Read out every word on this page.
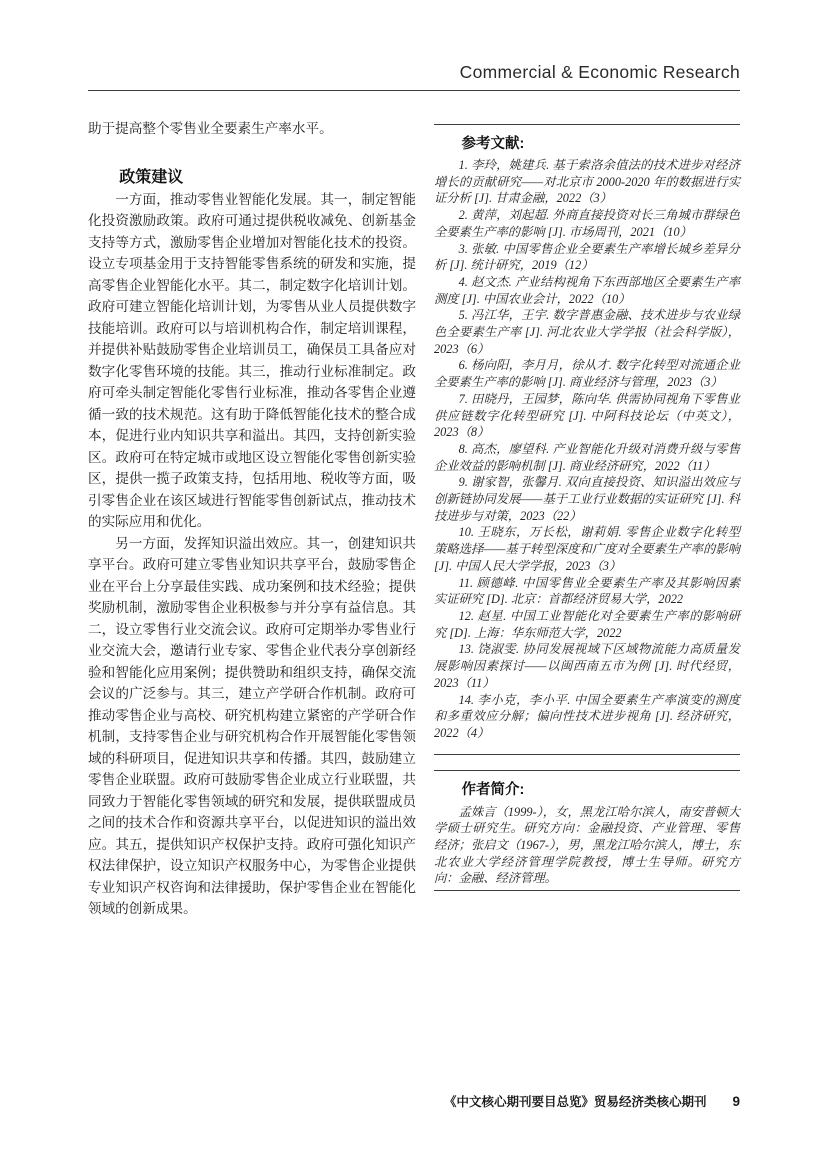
Commercial & Economic Research

助于提高整个零售业全要素生产率水平。

政策建议

一方面，推动零售业智能化发展。其一，制定智能化投资激励政策。政府可通过提供税收减免、创新基金支持等方式，激励零售企业增加对智能化技术的投资。设立专项基金用于支持智能零售系统的研发和实施，提高零售企业智能化水平。其二，制定数字化培训计划。政府可建立智能化培训计划，为零售从业人员提供数字技能培训。政府可以与培训机构合作，制定培训课程，并提供补贴鼓励零售企业培训员工，确保员工具备应对数字化零售环境的技能。其三，推动行业标准制定。政府可牵头制定智能化零售行业标准，推动各零售企业遵循一致的技术规范。这有助于降低智能化技术的整合成本，促进行业内知识共享和溢出。其四，支持创新实验区。政府可在特定城市或地区设立智能化零售创新实验区，提供一揽子政策支持，包括用地、税收等方面，吸引零售企业在该区域进行智能零售创新试点，推动技术的实际应用和优化。

另一方面，发挥知识溢出效应。其一，创建知识共享平台。政府可建立零售业知识共享平台，鼓励零售企业在平台上分享最佳实践、成功案例和技术经验；提供奖励机制，激励零售企业积极参与并分享有益信息。其二，设立零售行业交流会议。政府可定期举办零售业行业交流大会，邀请行业专家、零售企业代表分享创新经验和智能化应用案例；提供赞助和组织支持，确保交流会议的广泛参与。其三，建立产学研合作机制。政府可推动零售企业与高校、研究机构建立紧密的产学研合作机制，支持零售企业与研究机构合作开展智能化零售领域的科研项目，促进知识共享和传播。其四，鼓励建立零售企业联盟。政府可鼓励零售企业成立行业联盟，共同致力于智能化零售领域的研究和发展，提供联盟成员之间的技术合作和资源共享平台，以促进知识的溢出效应。其五，提供知识产权保护支持。政府可强化知识产权法律保护，设立知识产权服务中心，为零售企业提供专业知识产权咨询和法律援助，保护零售企业在智能化领域的创新成果。

参考文献:

1. 李玲，姚建兵. 基于索洛余值法的技术进步对经济增长的贡献研究——对北京市 2000-2020 年的数据进行实证分析 [J]. 甘肃金融，2022（3）

2. 黄萍，刘起超. 外商直接投资对长三角城市群绿色全要素生产率的影响 [J]. 市场周刊，2021（10）

3. 张敏. 中国零售企业全要素生产率增长城乡差异分析 [J]. 统计研究，2019（12）

4. 赵文杰. 产业结构视角下东西部地区全要素生产率测度 [J]. 中国农业会计，2022（10）

5. 冯江华，王宇. 数字普惠金融、技术进步与农业绿色全要素生产率 [J]. 河北农业大学学报（社会科学版），2023（6）

6. 杨向阳，李月月，徐从才. 数字化转型对流通企业全要素生产率的影响 [J]. 商业经济与管理，2023（3）

7. 田晓丹，王园梦，陈向华. 供需协同视角下零售业供应链数字化转型研究 [J]. 中阿科技论坛（中英文），2023（8）

8. 高杰，廖望科. 产业智能化升级对消费升级与零售企业效益的影响机制 [J]. 商业经济研究，2022（11）

9. 谢家智，张馨月. 双向直接投资、知识溢出效应与创新链协同发展——基于工业行业数据的实证研究 [J]. 科技进步与对策，2023（22）

10. 王晓东，万长松，谢莉娟. 零售企业数字化转型策略选择——基于转型深度和广度对全要素生产率的影响 [J]. 中国人民大学学报，2023（3）

11. 顾德峰. 中国零售业全要素生产率及其影响因素实证研究 [D]. 北京：首都经济贸易大学，2022

12. 赵星. 中国工业智能化对全要素生产率的影响研究 [D]. 上海：华东师范大学，2022

13. 饶淑雯. 协同发展视域下区域物流能力高质量发展影响因素探讨——以闽西南五市为例 [J]. 时代经贸，2023（11）

14. 李小克，李小平. 中国全要素生产率演变的测度和多重效应分解；偏向性技术进步视角 [J]. 经济研究，2022（4）

作者简介:

孟姝言（1999-），女，黑龙江哈尔滨人，南安普顿大学硕士研究生。研究方向：金融投资、产业管理、零售经济；张启文（1967-），男，黑龙江哈尔滨人，博士，东北农业大学经济管理学院教授，博士生导师。研究方向：金融、经济管理。

《中文核心期刊要目总览》贸易经济类核心期刊 9
